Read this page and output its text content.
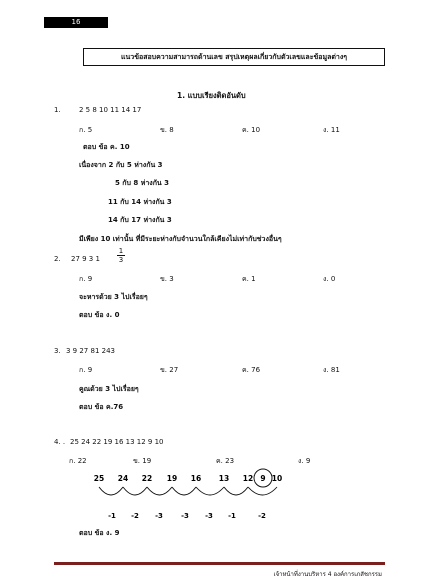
16
แนวข้อสอบความสามารถด้านเลข สรุปเหตุผลเกี่ยวกับตัวเลขและข้อมูลต่างๆ
1. แบบเรียงติดอันดับ
1.	2 5 8 10 11 14 17
ก. 5	ข. 8	ค. 10	ง. 11
ตอบ ข้อ ค. 10
เนื่องจาก 2 กับ 5 ห่างกัน 3
5 กับ 8 ห่างกัน 3
11 กับ 14 ห่างกัน 3
14 กับ 17 ห่างกัน 3
มีเพียง 10 เท่านั้น ที่มีระยะห่างกับจำนวนใกล้เคียงไม่เท่ากับช่วงอื่นๆ
2. 27 9 3 $1 \frac{1}{3}$
ก. 9	ข. 3	ค. 1	ง. 0
จะหารด้วย 3 ไปเรื่อยๆ
ตอบ ข้อ ง. 0
3. 3 9 27 81 243
ก. 9	ข. 27	ค. 76	ง. 81
คูณด้วย 3 ไปเรื่อยๆ
ตอบ ข้อ ค.76
4. . 25 24 22 19 16 13 12 9 10
ก. 22	ข. 19	ค. 23	ง. 9
25 24 22 19 16 13 12 9 10
-1 -2 -3	-3 -3 -1	-2
ตอบ ข้อ ง. 9
เจ้าหน้าที่งานบริหาร 4 องค์การเภสัชกรรม
